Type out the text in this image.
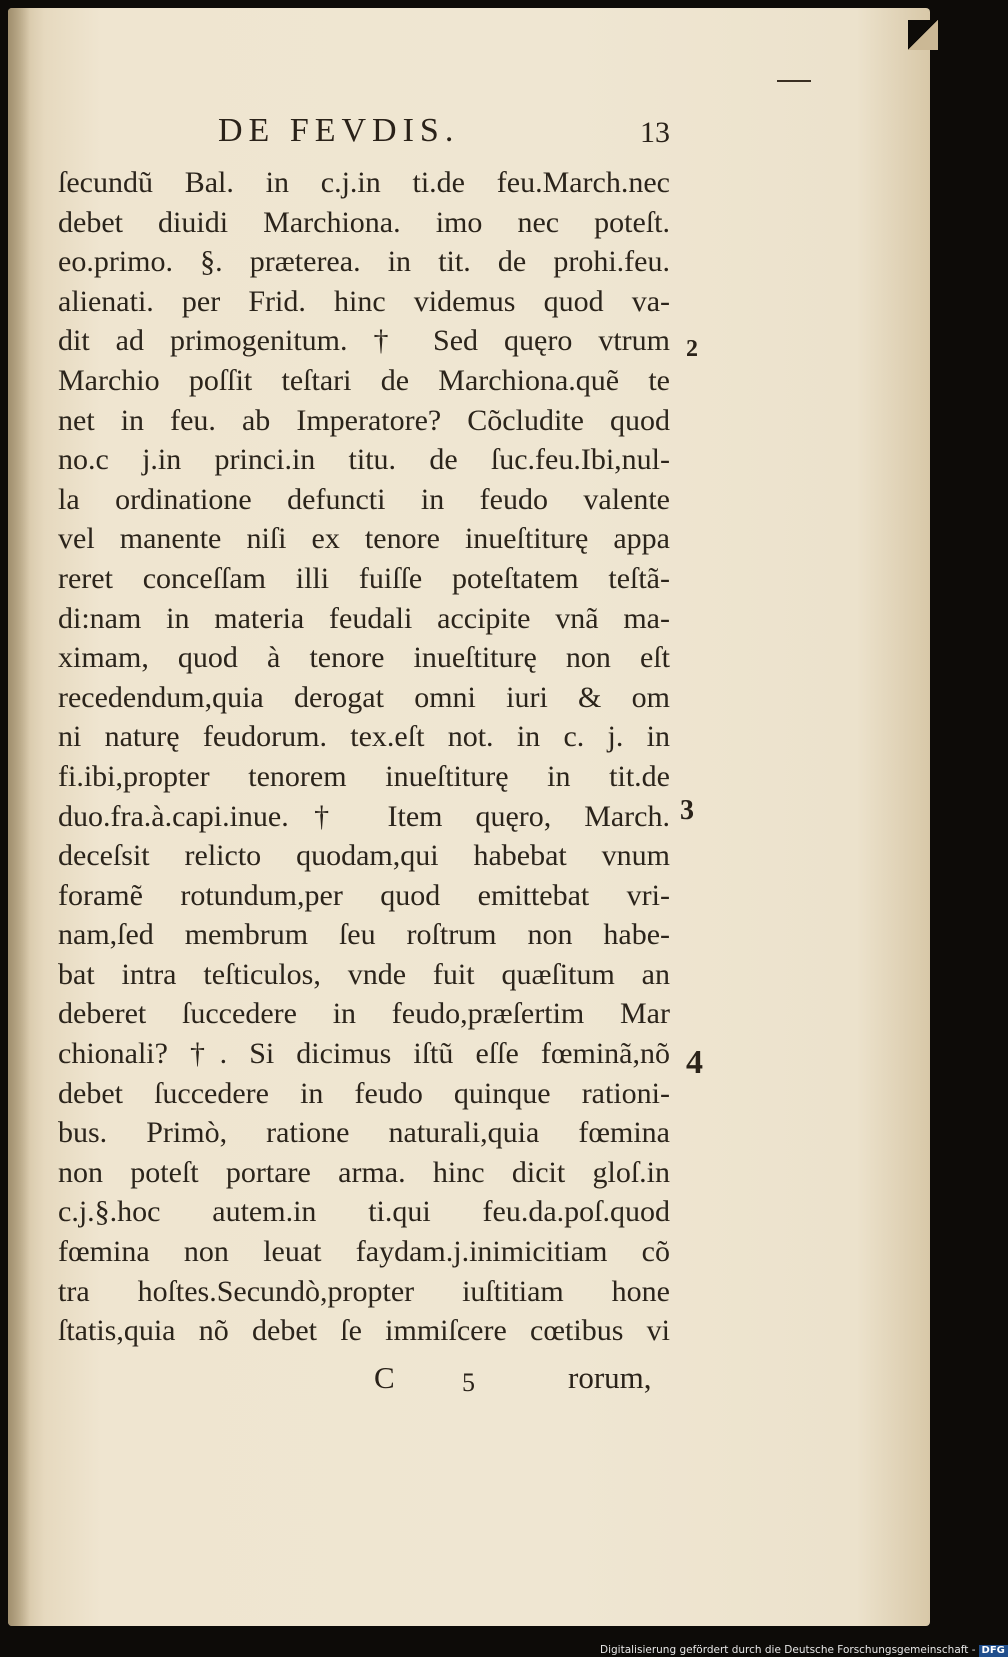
DE FEVDIS.	13
ſecundũ Bal. in c.j.in ti.de feu.March.nec
debet diuidi Marchiona. imo nec poteſt.
eo.primo. §. præterea. in tit. de prohi.feu.
alienati. per Frid. hinc videmus quod va-
dit ad primogenitum. † Sed quęro vtrum
Marchio poſſit teſtari de Marchiona.quẽ te
net in feu. ab Imperatore? Cõcludite quod
no.c j.in princi.in titu. de ſuc.feu.Ibi,nul-
la ordinatione defuncti in feudo valente
vel manente niſi ex tenore inueſtiturę appa
reret conceſſam illi fuiſſe poteſtatem teſtã-
di:nam in materia feudali accipite vnã ma-
ximam, quod à tenore inueſtiturę non eſt
recedendum,quia derogat omni iuri & om
ni naturę feudorum. tex.eſt not. in c. j. in
fi.ibi,propter tenorem inueſtiturę in tit.de
duo.fra.à.capi.inue.† Item quęro, March.
deceſsit relicto quodam,qui habebat vnum
foramẽ rotundum,per quod emittebat vri-
nam,ſed membrum ſeu roſtrum non habe-
bat intra teſticulos, vnde fuit quæſitum an
deberet ſuccedere in feudo,præſertim Mar
chionali? †. Si dicimus iſtũ eſſe fœminã,nõ
debet ſuccedere in feudo quinque rationi-
bus. Primò, ratione naturali,quia fœmina
non poteſt portare arma. hinc dicit gloſ.in
c.j.§.hoc autem.in ti.qui feu.da.poſ.quod
fœmina non leuat faydam.j.inimicitiam cõ
tra hoſtes.Secundò,propter iuſtitiam hone
ſtatis,quia nõ debet ſe immiſcere cœtibus vi
2
3
4
C	5	rorum,
Digitalisierung gefördert durch die Deutsche Forschungsgemeinschaft - DFG
